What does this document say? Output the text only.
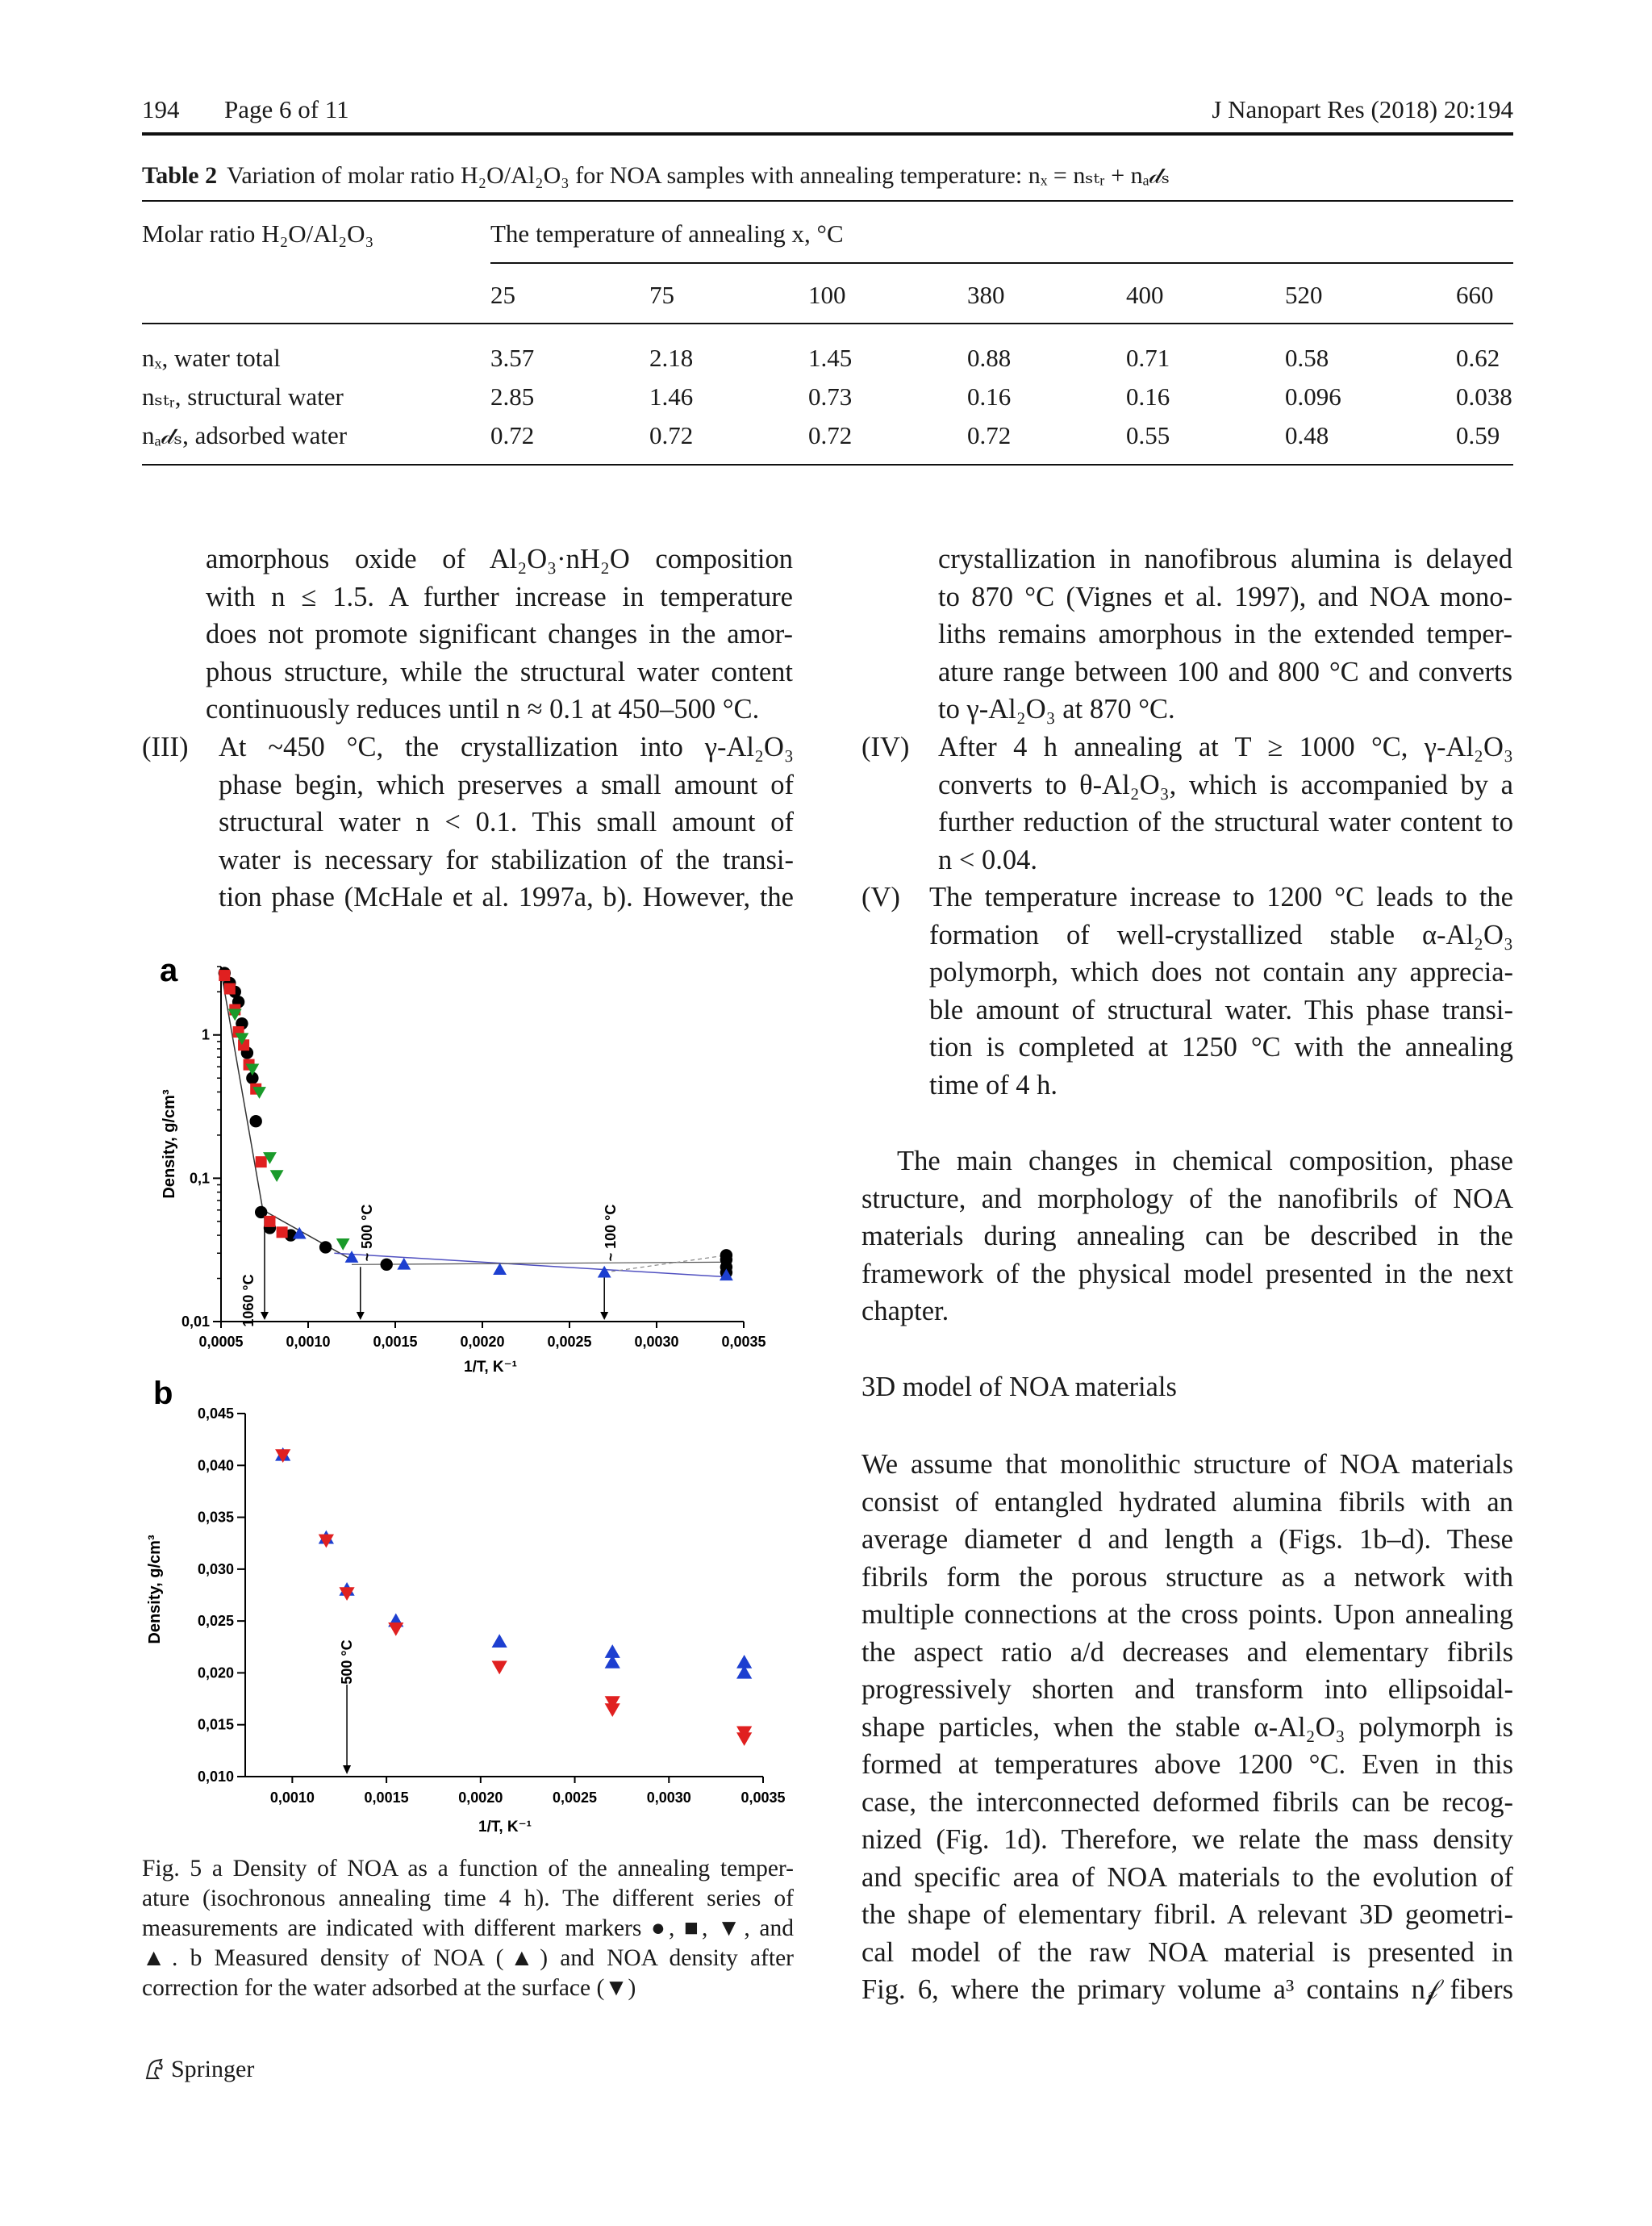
194 Page 6 of 11	J Nanopart Res (2018) 20:194
Table 2 Variation of molar ratio H₂O/Al₂O₃ for NOA samples with annealing temperature: nₓ = nₛₜᵣ + nₐ𝒹ₛ
Molar ratio H₂O/Al₂O₃	The temperature of annealing x, °C
25	75	100	380	400	520	660
nₓ, water total	3.57	2.18	1.45	0.88	0.71	0.58	0.62
nₛₜᵣ, structural water	2.85	1.46	0.73	0.16	0.16	0.096	0.038
nₐ𝒹ₛ, adsorbed water	0.72	0.72	0.72	0.72	0.55	0.48	0.59

amorphous oxide of Al₂O₃·nH₂O composition

with n ≤ 1.5. A further increase in temperature

does not promote significant changes in the amor-

phous structure, while the structural water content

continuously reduces until n ≈ 0.1 at 450–500 °C.

(III) At ~450 °C, the crystallization into γ-Al₂O₃
phase begin, which preserves a small amount of
structural water n < 0.1. This small amount of
water is necessary for stabilization of the transi-
tion phase (McHale et al. 1997a, b). However, the

crystallization in nanofibrous alumina is delayed

to 870 °C (Vignes et al. 1997), and NOA mono-

liths remains amorphous in the extended temper-

ature range between 100 and 800 °C and converts

to γ-Al₂O₃ at 870 °C.

(IV) After 4 h annealing at T ≥ 1000 °C, γ-Al₂O₃
converts to θ-Al₂O₃, which is accompanied by a
further reduction of the structural water content to
n < 0.04.
(V) The temperature increase to 1200 °C leads to the
formation of well-crystallized stable α-Al₂O₃
polymorph, which does not contain any apprecia-
ble amount of structural water. This phase transi-
tion is completed at 1250 °C with the annealing
time of 4 h.

The main changes in chemical composition, phase

structure, and morphology of the nanofibrils of NOA

materials during annealing can be described in the

framework of the physical model presented in the next

chapter.

3D model of NOA materials

We assume that monolithic structure of NOA materials

consist of entangled hydrated alumina fibrils with an

average diameter d and length a (Figs. 1b–d). These

fibrils form the porous structure as a network with

multiple connections at the cross points. Upon annealing

the aspect ratio a/d decreases and elementary fibrils

progressively shorten and transform into ellipsoidal-

shape particles, when the stable α-Al₂O₃ polymorph is

formed at temperatures above 1200 °C. Even in this

case, the interconnected deformed fibrils can be recog-

nized (Fig. 1d). Therefore, we relate the mass density

and specific area of NOA materials to the evolution of

the shape of elementary fibril. A relevant 3D geometri-

cal model of the raw NOA material is presented in

Fig. 6, where the primary volume a³ contains n𝒻 fibers

a
0,0005	0,0010	0,0015	0,0020	0,0025	0,0030	0,0035
0,01
0,1
1
1/T, K⁻¹
Density, g/cm³
1060 °C
~ 500 °C	~ 100 °C
b
0,0010	0,0015	0,0020	0,0025	0,0030	0,0035
0,010
0,015
0,020
0,025
0,030
0,035
0,040
0,045
1/T, K⁻¹
Density, g/cm³
500 °C
Fig. 5 a Density of NOA as a function of the annealing temper-
ature (isochronous annealing time 4 h). The different series of
measurements are indicated with different markers ●, ■, ▼, and
▲. b Measured density of NOA (▲) and NOA density after
correction for the water adsorbed at the surface (▼)
Springer
